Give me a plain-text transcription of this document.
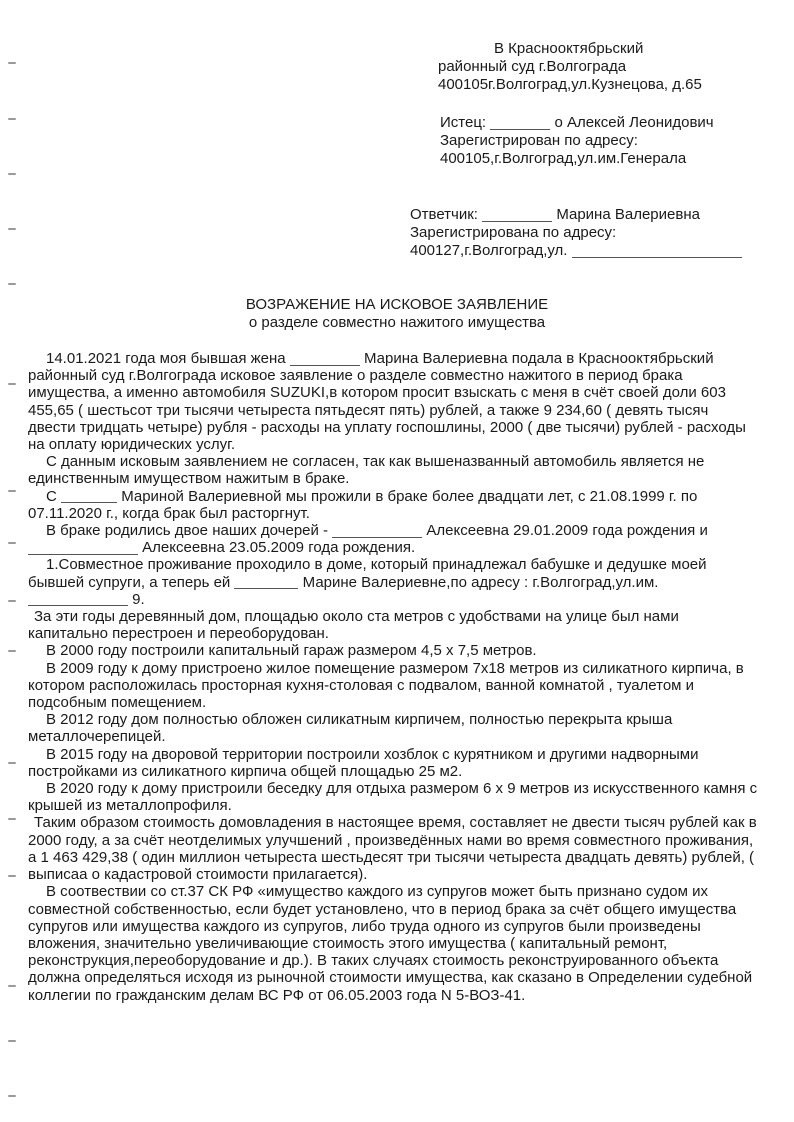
В Краснооктябрьский
районный суд г.Волгограда
400105г.Волгоград,ул.Кузнецова, д.65
Истец:	о Алексей Леонидович
Зарегистрирован по адресу:
400105,г.Волгоград,ул.им.Генерала
Ответчик:	Марина Валериевна
Зарегистрирована по адресу:
400127,г.Волгоград,ул.
ВОЗРАЖЕНИЕ НА ИСКОВОЕ ЗАЯВЛЕНИЕ
о разделе совместно нажитого имущества

14.01.2021 года моя бывшая жена	Марина Валериевна подала в Краснооктябрьский районный суд г.Волгограда исковое заявление о разделе совместно нажитого в период брака имущества, а именно автомобиля SUZUKI,в котором просит взыскать с меня в счёт своей доли 603 455,65 ( шестьсот три тысячи четыреста пятьдесят пять) рублей, а также 9 234,60 ( девять тысяч двести тридцать четыре) рубля - расходы на уплату госпошлины, 2000 ( две тысячи) рублей - расходы на оплату юридических услуг.

С данным исковым заявлением не согласен, так как вышеназванный автомобиль является не единственным имуществом нажитым в браке.

С	Мариной Валериевной мы прожили в браке более двадцати лет, с 21.08.1999 г. по 07.11.2020 г., когда брак был расторгнут.

В браке родились двое наших дочерей -	Алексеевна 29.01.2009 года рождения и  Алексеевна 23.05.2009 года рождения.

1.Совместное проживание проходило в доме, который принадлежал бабушке и дедушке моей бывшей супруги, а теперь ей	Марине Валериевне,по адресу : г.Волгоград,ул.им.  9.

За эти годы деревянный дом, площадью около ста метров с удобствами на улице был нами капитально перестроен и переоборудован.

В 2000 году построили капитальный гараж размером 4,5 х 7,5 метров.

В 2009 году к дому пристроено жилое помещение размером 7х18 метров из силикатного кирпича, в котором расположилась просторная кухня-столовая с подвалом, ванной комнатой , туалетом и подсобным помещением.

В 2012 году дом полностью обложен силикатным кирпичем, полностью перекрыта крыша металлочерепицей.

В 2015 году на дворовой территории построили хозблок с курятником и другими надворными постройками из силикатного кирпича общей площадью 25 м2.

В 2020 году к дому пристроили беседку для отдыха размером 6 х 9 метров из искусственного камня с крышей из металлопрофиля.

Таким образом стоимость домовладения в настоящее время, составляет не двести тысяч рублей как в 2000 году, а за счёт неотделимых улучшений , произведённых нами во время совместного проживания, а 1 463 429,38 ( один миллион четыреста шестьдесят три тысячи четыреста двадцать девять) рублей, ( выписаа о кадастровой стоимости прилагается).

В соотвествии со ст.37 СК РФ «имущество каждого из супругов может быть признано судом их совместной собственностью, если будет установлено, что в период брака за счёт общего имущества супругов или имущества каждого из супругов, либо труда одного из супругов были произведены вложения, значительно увеличивающие стоимость этого имущества ( капитальный ремонт, реконструкция,переоборудование и др.). В таких случаях стоимость реконструированного объекта должна определяться исходя из рыночной стоимости имущества, как сказано в Определении судебной коллегии по гражданским делам ВС РФ от 06.05.2003 года N 5-ВОЗ-41.
